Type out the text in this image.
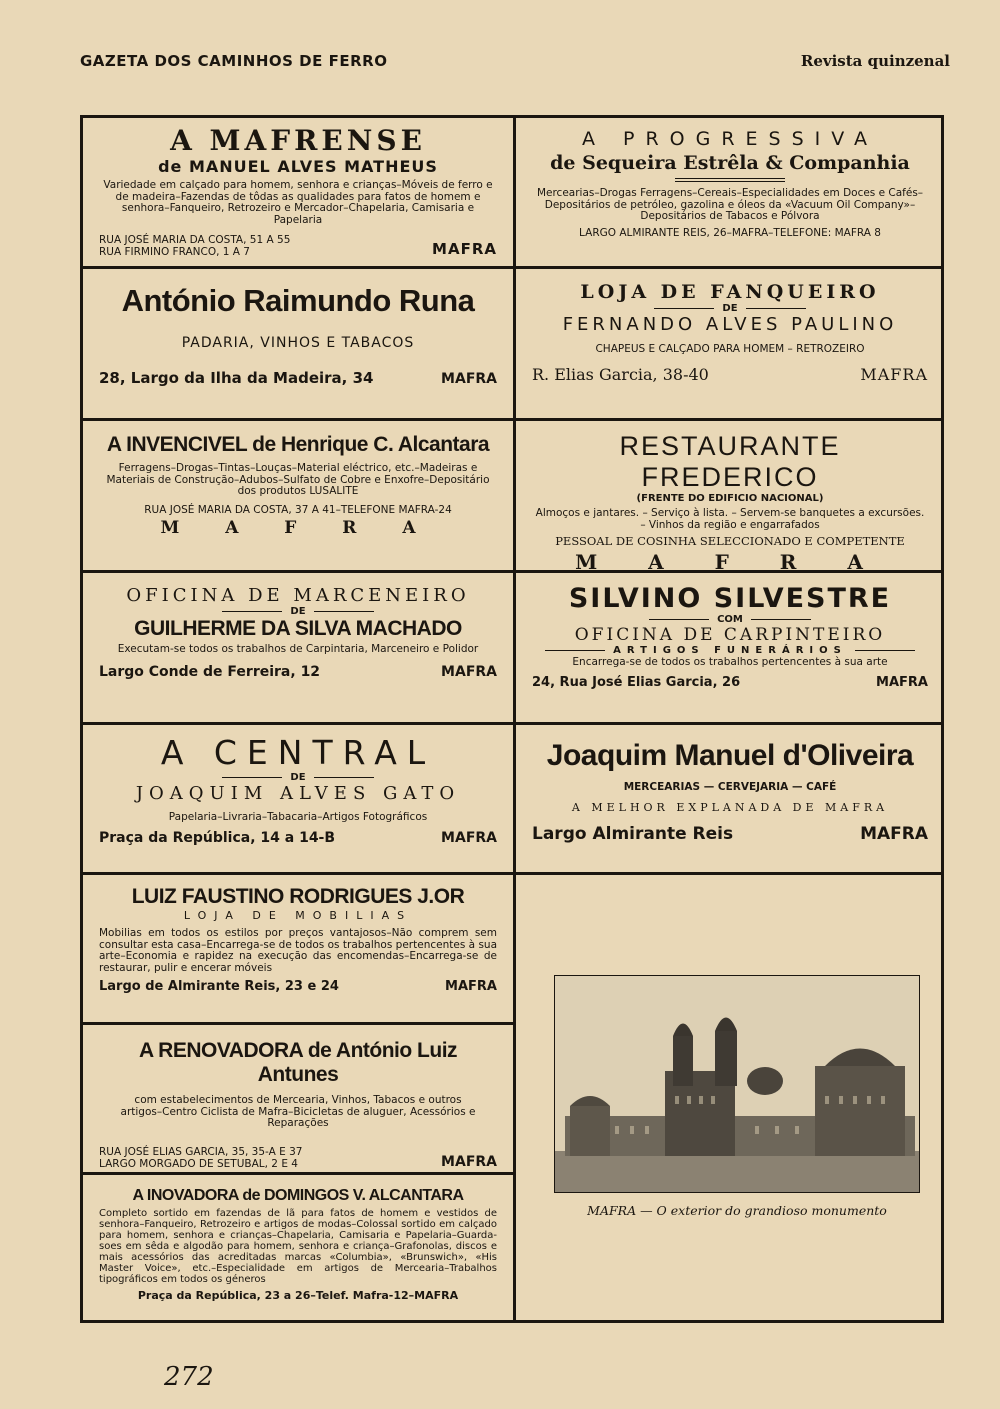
GAZETA DOS CAMINHOS DE FERRO	Revista quinzenal
A MAFRENSE
de MANUEL ALVES MATHEUS
Variedade em calçado para homem, senhora e crianças–Móveis de ferro e de madeira–Fazendas de tôdas as qualidades para fatos de homem e senhora–Fanqueiro, Retrozeiro e Mercador–Chapelaria, Camisaria e Papelaria
RUA JOSÉ MARIA DA COSTA, 51 A 55
RUA FIRMINO FRANCO, 1 A 7	MAFRA
António Raimundo Runa
PADARIA, VINHOS E TABACOS
28, Largo da Ilha da Madeira, 34	MAFRA
A INVENCIVEL de Henrique C. Alcantara
Ferragens–Drogas–Tintas–Louças–Material eléctrico, etc.–Madeiras e Materiais de Construção–Adubos–Sulfato de Cobre e Enxofre–Depositário dos produtos LUSALITE
RUA JOSÉ MARIA DA COSTA, 37 A 41–TELEFONE MAFRA-24
M A F R A
OFICINA DE MARCENEIRO
DE
GUILHERME DA SILVA MACHADO
Executam-se todos os trabalhos de Carpintaria, Marceneiro e Polidor
Largo Conde de Ferreira, 12	MAFRA
A CENTRAL
DE
JOAQUIM ALVES GATO
Papelaria–Livraria–Tabacaria–Artigos Fotográficos
Praça da República, 14 a 14-B	MAFRA
LUIZ FAUSTINO RODRIGUES J.OR
LOJA DE MOBILIAS
Mobilias em todos os estilos por preços vantajosos–Não comprem sem consultar esta casa–Encarrega-se de todos os trabalhos pertencentes à sua arte–Economia e rapidez na execução das encomendas–Encarrega-se de restaurar, pulir e encerar móveis
Largo de Almirante Reis, 23 e 24	MAFRA
A RENOVADORA de António Luiz Antunes
com estabelecimentos de Mercearia, Vinhos, Tabacos e outros artigos–Centro Ciclista de Mafra–Bicicletas de aluguer, Acessórios e Reparações
RUA JOSÉ ELIAS GARCIA, 35, 35-A E 37
LARGO MORGADO DE SETUBAL, 2 E 4	MAFRA
A INOVADORA de DOMINGOS V. ALCANTARA
Completo sortido em fazendas de lã para fatos de homem e vestidos de senhora–Fanqueiro, Retrozeiro e artigos de modas–Colossal sortido em calçado para homem, senhora e crianças–Chapelaria, Camisaria e Papelaria–Guarda-soes em sêda e algodão para homem, senhora e criança–Grafonolas, discos e mais acessórios das acreditadas marcas «Columbia», «Brunswich», «His Master Voice», etc.–Especialidade em artigos de Mercearia–Trabalhos tipográficos em todos os géneros
Praça da República, 23 a 26–Telef. Mafra-12–MAFRA
A PROGRESSIVA
de Sequeira Estrêla & Companhia
Mercearias–Drogas Ferragens–Cereais–Especialidades em Doces e Cafés–Depositários de petróleo, gazolina e óleos da «Vacuum Oil Company»–Depositários de Tabacos e Pólvora
LARGO ALMIRANTE REIS, 26–MAFRA–TELEFONE: MAFRA 8
LOJA DE FANQUEIRO
DE
FERNANDO ALVES PAULINO
CHAPEUS E CALÇADO PARA HOMEM – RETROZEIRO
R. Elias Garcia, 38-40	MAFRA
RESTAURANTE FREDERICO
(FRENTE DO EDIFICIO NACIONAL)
Almoços e jantares. – Serviço à lista. – Servem-se banquetes a excursões. – Vinhos da região e engarrafados
PESSOAL DE COSINHA SELECCIONADO E COMPETENTE
M A F R A
SILVINO SILVESTRE
COM
OFICINA DE CARPINTEIRO
ARTIGOS FUNERÁRIOS
Encarrega-se de todos os trabalhos pertencentes à sua arte
24, Rua José Elias Garcia, 26	MAFRA
Joaquim Manuel d'Oliveira
MERCEARIAS — CERVEJARIA — CAFÉ
A MELHOR EXPLANADA DE MAFRA
Largo Almirante Reis	MAFRA
MAFRA — O exterior do grandioso monumento
272
